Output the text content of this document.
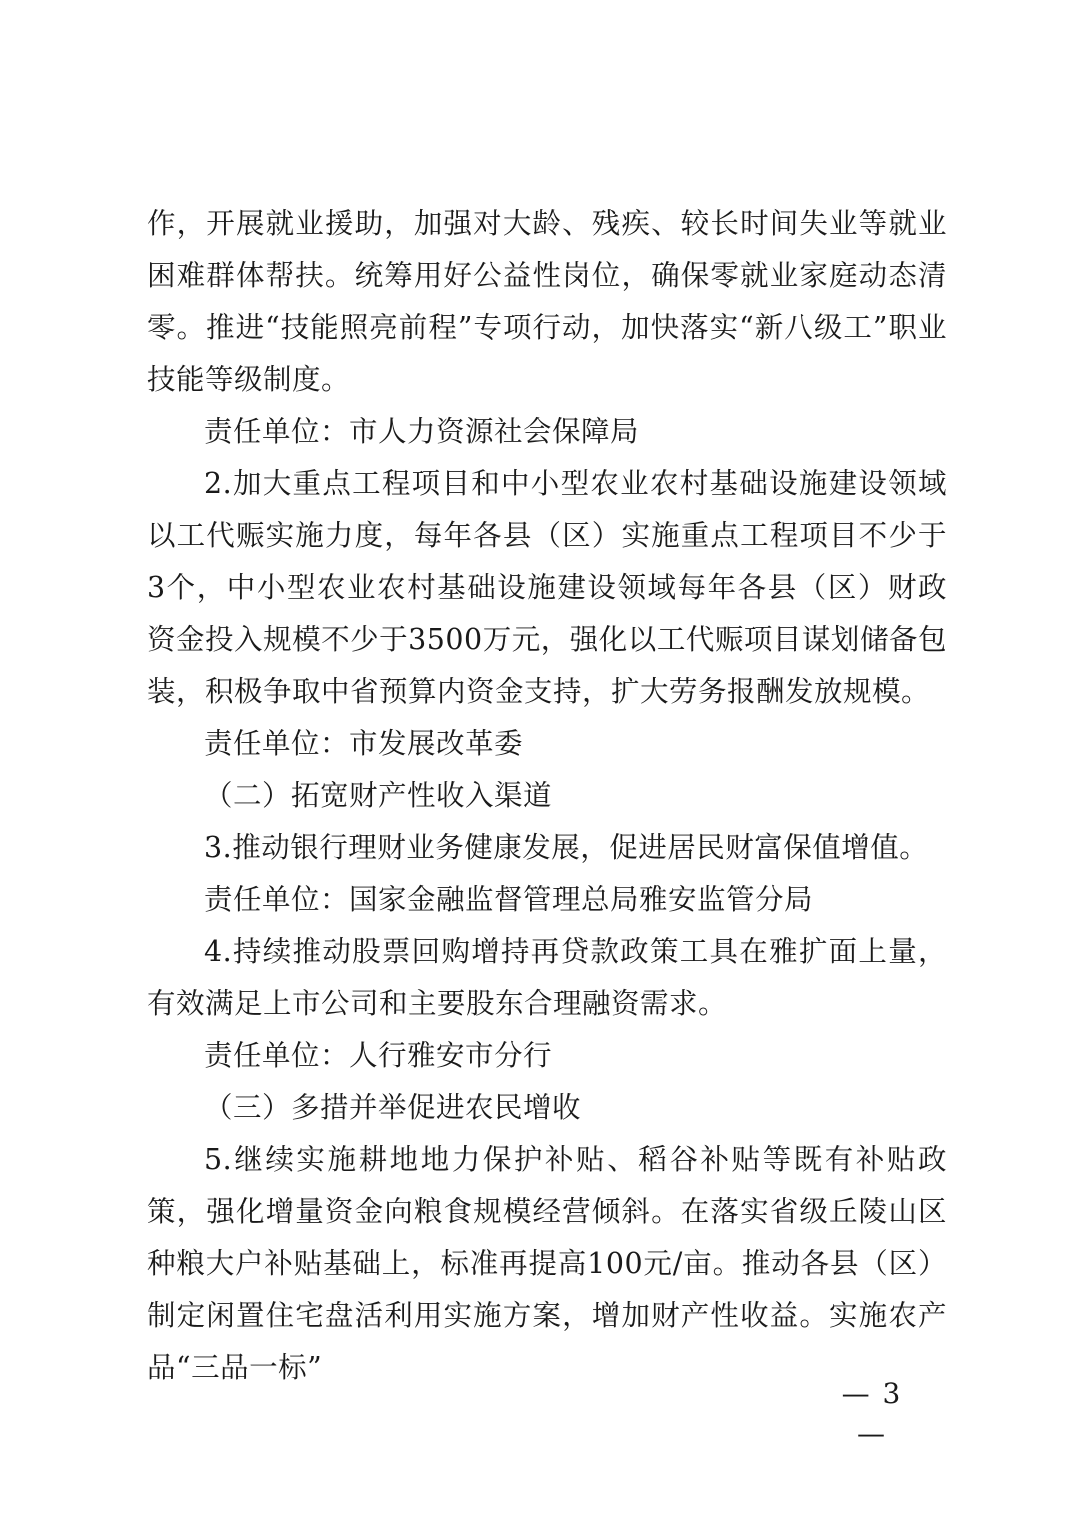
作，开展就业援助，加强对大龄、残疾、较长时间失业等就业困难群体帮扶。统筹用好公益性岗位，确保零就业家庭动态清零。推进“技能照亮前程”专项行动，加快落实“新八级工”职业技能等级制度。

责任单位：市人力资源社会保障局

2.加大重点工程项目和中小型农业农村基础设施建设领域以工代赈实施力度，每年各县（区）实施重点工程项目不少于3个，中小型农业农村基础设施建设领域每年各县（区）财政资金投入规模不少于3500万元，强化以工代赈项目谋划储备包装，积极争取中省预算内资金支持，扩大劳务报酬发放规模。

责任单位：市发展改革委

（二）拓宽财产性收入渠道

3.推动银行理财业务健康发展，促进居民财富保值增值。

责任单位：国家金融监督管理总局雅安监管分局

4.持续推动股票回购增持再贷款政策工具在雅扩面上量，有效满足上市公司和主要股东合理融资需求。

责任单位：人行雅安市分行

（三）多措并举促进农民增收

5.继续实施耕地地力保护补贴、稻谷补贴等既有补贴政策，强化增量资金向粮食规模经营倾斜。在落实省级丘陵山区种粮大户补贴基础上，标准再提高100元/亩。推动各县（区）制定闲置住宅盘活利用实施方案，增加财产性收益。实施农产品“三品一标”

— 3 —
